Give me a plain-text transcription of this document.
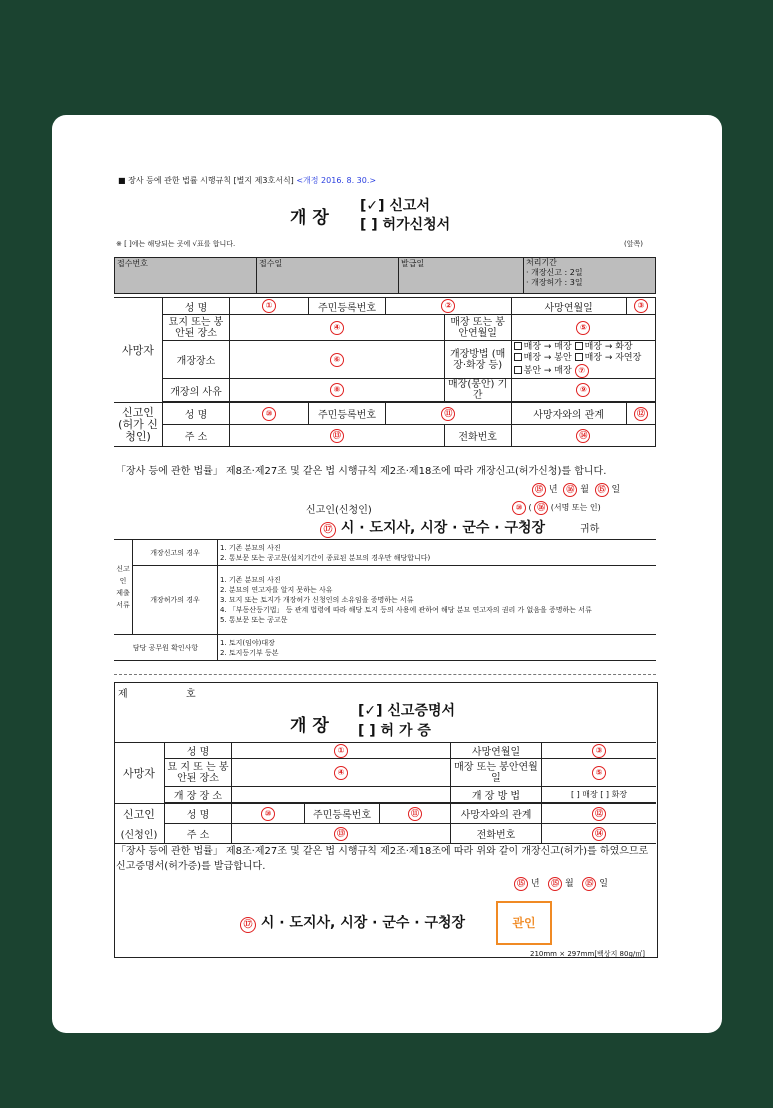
■ 장사 등에 관한 법률 시행규칙 [별지 제3호서식] <개정 2016. 8. 30.>
개 장
[✓] 신고서
[ ] 허가신청서
※ [ ]에는 해당되는 곳에 √표를 합니다.	(앞쪽)
접수번호	접수일	발급일	처리기간
· 개장신고 : 2일
· 개장허가 : 3일
사망자	성 명	①	주민등록번호	②		사망연월일	③
	묘지 또는 봉안된 장소	④			매장 또는 봉안연월일	⑤	
	개장장소	⑥			개장방법 (매장·화장 등)	매장 → 매장 매장 → 화장
매장 → 봉안 매장 → 자연장
봉안 → 매장 ⑦	

	개장의 사유	⑧			매장(봉안) 기간	⑨	

신고인 (허가 신청인)	성 명	⑩	주민등록번호	⑪		사망자와의 관계	⑫
	주 소	⑬			전화번호	⑭	
「장사 등에 관한 법률」 제8조·제27조 및 같은 법 시행규칙 제2조·제18조에 따라 개장신고(허가신청)를 합니다.
⑮ 년 ⑯ 월 ⑮ 일
신고인(신청인)	⑩ ( ⑯ (서명 또는 인)
⑰ 시 · 도지사, 시장 · 군수 · 구청장	귀하
신고인 제출서류	개장신고의 경우	1. 기존 분묘의 사진
2. 통보문 또는 공고문(설치기간이 종료된 분묘의 경우만 해당합니다)

	개장허가의 경우	1. 기존 분묘의 사진
2. 분묘의 연고자를 알지 못하는 사유
3. 묘지 또는 토지가 개장허가 신청인의 소유임을 증명하는 서류
4. 「부동산등기법」 등 관계 법령에 따라 해당 토지 등의 사용에 관하여 해당 분묘 연고자의 권리 가 없음을 증명하는 서류
5. 통보문 또는 공고문

담당 공무원 확인사항		1. 토지(임야)대장
2. 토지등기부 등본
제	호
개 장
[✓] 신고증명서
[ ] 허 가 증
사망자	성 명	①			사망연월일	③
	묘 지 또 는 봉안된 장소	④			매장 또는 봉안연월일	⑤
	개 장 장 소				개 장 방 법	[ ] 매장 [ ] 화장

신고인	성 명	⑩	주민등록번호	⑪	사망자와의 관계	⑫
(신청인)	주 소	⑬			전화번호	⑭
「장사 등에 관한 법률」 제8조·제27조 및 같은 법 시행규칙 제2조·제18조에 따라 위와 같이 개장신고(허가)를 하였으므로 신고증명서(허가증)를 발급합니다.
⑮ 년 ⑮ 월 ⑮ 일
⑰ 시 · 도지사, 시장 · 군수 · 구청장	관인
210mm × 297mm[백상지 80g/㎡]
